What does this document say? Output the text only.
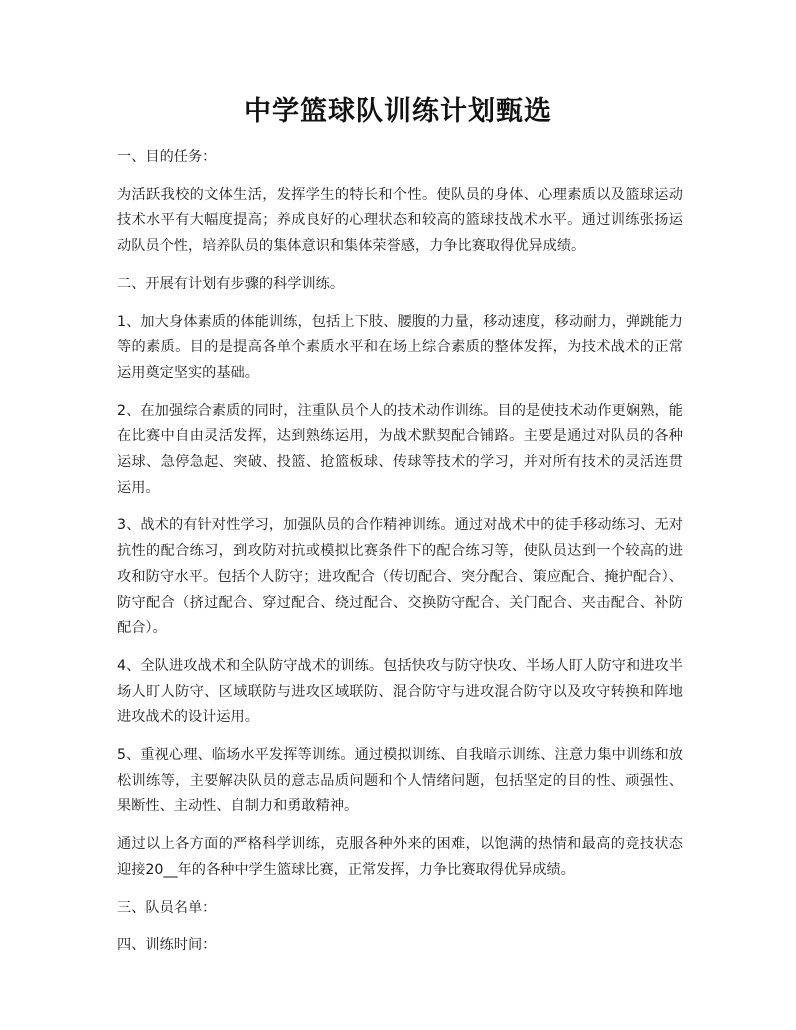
中学篮球队训练计划甄选

一、目的任务：

为活跃我校的文体生活，发挥学生的特长和个性。使队员的身体、心理素质以及篮球运动技术水平有大幅度提高；养成良好的心理状态和较高的篮球技战术水平。通过训练张扬运动队员个性，培养队员的集体意识和集体荣誉感，力争比赛取得优异成绩。

二、开展有计划有步骤的科学训练。

1、加大身体素质的体能训练，包括上下肢、腰腹的力量，移动速度，移动耐力，弹跳能力等的素质。目的是提高各单个素质水平和在场上综合素质的整体发挥，为技术战术的正常运用奠定坚实的基础。

2、在加强综合素质的同时，注重队员个人的技术动作训练。目的是使技术动作更娴熟，能在比赛中自由灵活发挥，达到熟练运用，为战术默契配合铺路。主要是通过对队员的各种运球、急停急起、突破、投篮、抢篮板球、传球等技术的学习，并对所有技术的灵活连贯运用。

3、战术的有针对性学习，加强队员的合作精神训练。通过对战术中的徒手移动练习、无对抗性的配合练习，到攻防对抗或模拟比赛条件下的配合练习等，使队员达到一个较高的进攻和防守水平。包括个人防守；进攻配合（传切配合、突分配合、策应配合、掩护配合）、防守配合（挤过配合、穿过配合、绕过配合、交换防守配合、关门配合、夹击配合、补防配合）。

4、全队进攻战术和全队防守战术的训练。包括快攻与防守快攻、半场人盯人防守和进攻半场人盯人防守、区域联防与进攻区域联防、混合防守与进攻混合防守以及攻守转换和阵地进攻战术的设计运用。

5、重视心理、临场水平发挥等训练。通过模拟训练、自我暗示训练、注意力集中训练和放松训练等，主要解决队员的意志品质问题和个人情绪问题，包括坚定的目的性、顽强性、果断性、主动性、自制力和勇敢精神。

通过以上各方面的严格科学训练，克服各种外来的困难，以饱满的热情和最高的竞技状态迎接20__年的各种中学生篮球比赛，正常发挥，力争比赛取得优异成绩。

三、队员名单：

四、训练时间：
